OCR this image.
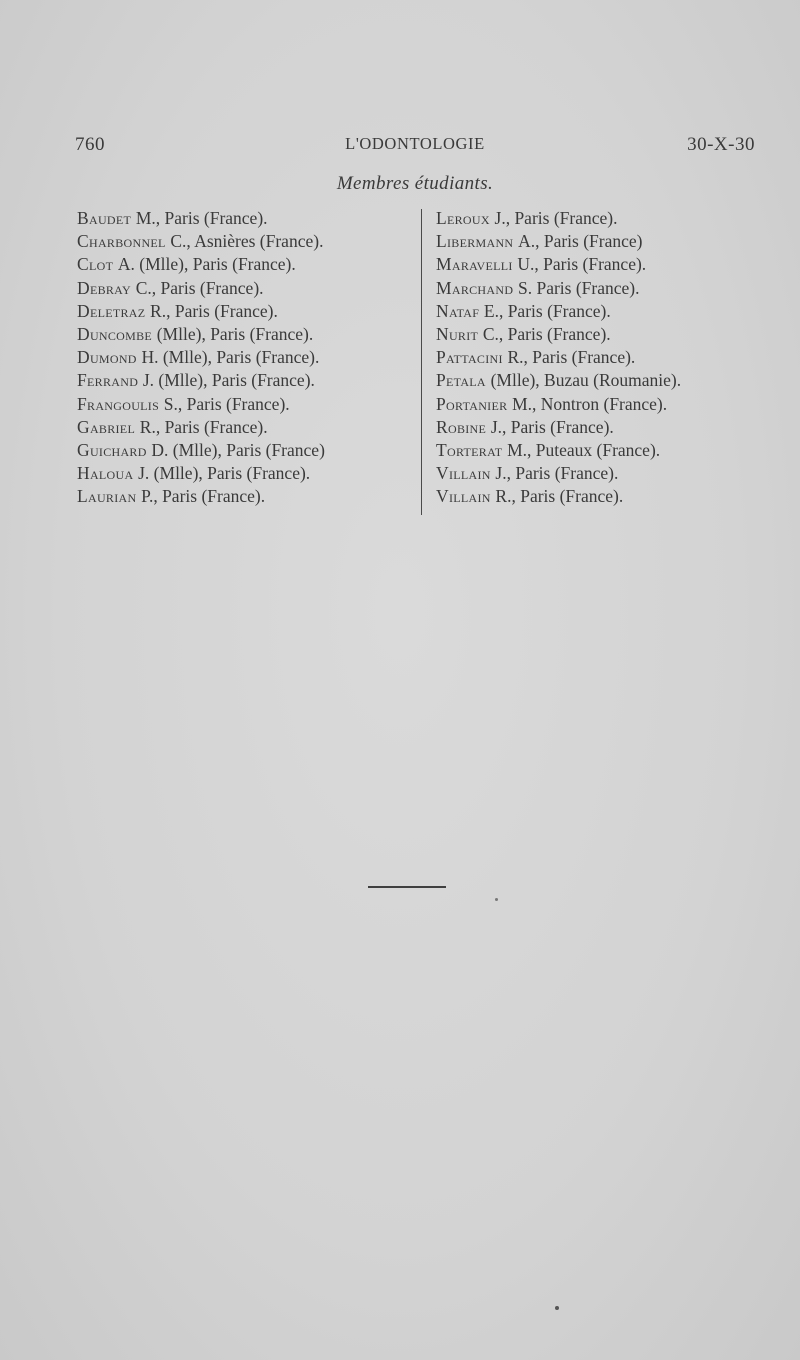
760	L'ODONTOLOGIE	30-X-30
Membres étudiants.
Baudet M., Paris (France).
Charbonnel C., Asnières (France).
Clot A. (Mlle), Paris (France).
Debray C., Paris (France).
Deletraz R., Paris (France).
Duncombe (Mlle), Paris (France).
Dumond H. (Mlle), Paris (France).
Ferrand J. (Mlle), Paris (France).
Frangoulis S., Paris (France).
Gabriel R., Paris (France).
Guichard D. (Mlle), Paris (France)
Haloua J. (Mlle), Paris (France).
Laurian P., Paris (France).
Leroux J., Paris (France).
Libermann A., Paris (France)
Maravelli U., Paris (France).
Marchand S. Paris (France).
Nataf E., Paris (France).
Nurit C., Paris (France).
Pattacini R., Paris (France).
Petala (Mlle), Buzau (Roumanie).
Portanier M., Nontron (France).
Robine J., Paris (France).
Torterat M., Puteaux (France).
Villain J., Paris (France).
Villain R., Paris (France).
